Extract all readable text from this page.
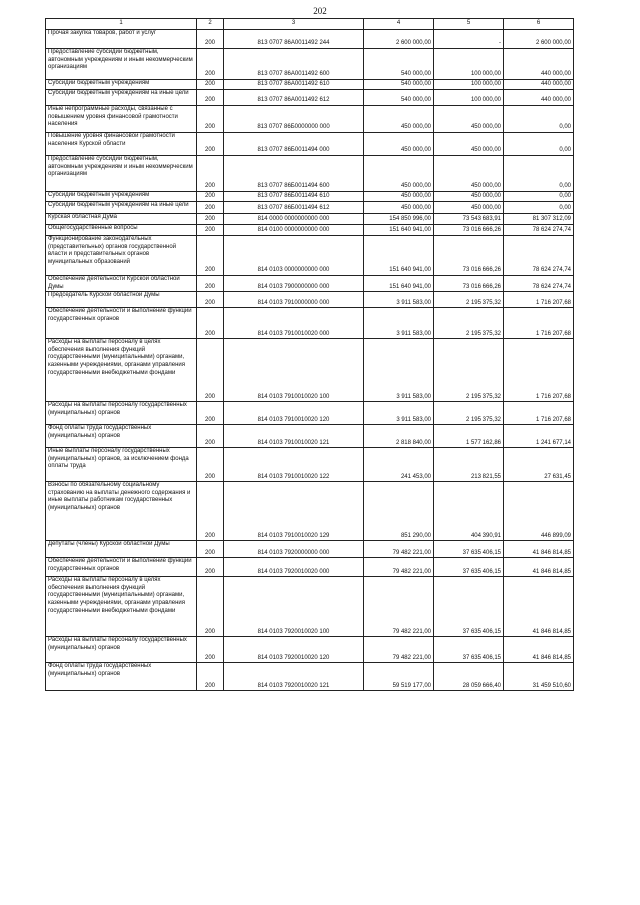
202
1	2	3	4	5	6
Прочая закупка товаров, работ и услуг	200	813 0707 86А0011492 244	2 600 000,00	-	2 600 000,00
Предоставление субсидий бюджетным, автономным учреждениям и иным некоммерческим организациям	200	813 0707 86А0011492 600	540 000,00	100 000,00	440 000,00
Субсидии бюджетным учреждениям	200	813 0707 86А0011492 610	540 000,00	100 000,00	440 000,00
Субсидии бюджетным учреждениям на иные цели	200	813 0707 86А0011492 612	540 000,00	100 000,00	440 000,00
Иные непрограммные расходы, связанные с повышением уровня финансовой грамотности населения	200	813 0707 86Б0000000 000	450 000,00	450 000,00	0,00
Повышение уровня финансовой грамотности населения Курской области	200	813 0707 86Б0011494 000	450 000,00	450 000,00	0,00
Предоставление субсидий бюджетным, автономным учреждениям и иным некоммерческим организациям	200	813 0707 86Б0011494 600	450 000,00	450 000,00	0,00
Субсидии бюджетным учреждениям	200	813 0707 86Б0011494 610	450 000,00	450 000,00	0,00
Субсидии бюджетным учреждениям на иные цели	200	813 0707 86Б0011494 612	450 000,00	450 000,00	0,00
Курская областная Дума	200	814 0000 0000000000 000	154 850 996,00	73 543 683,91	81 307 312,09
Общегосударственные вопросы	200	814 0100 0000000000 000	151 640 941,00	73 016 666,26	78 624 274,74
Функционирование законодательных (представительных) органов государственной власти и представительных органов муниципальных образований	200	814 0103 0000000000 000	151 640 941,00	73 016 666,26	78 624 274,74
Обеспечение деятельности Курской областной Думы	200	814 0103 7900000000 000	151 640 941,00	73 016 666,26	78 624 274,74
Председатель Курской областной Думы	200	814 0103 7910000000 000	3 911 583,00	2 195 375,32	1 716 207,68
Обеспечение деятельности и выполнение функций государственных органов	200	814 0103 7910010020 000	3 911 583,00	2 195 375,32	1 716 207,68
Расходы на выплаты персоналу в целях обеспечения выполнения функций государственными (муниципальными) органами, казенными учреждениями, органами управления государственными внебюджетными фондами	200	814 0103 7910010020 100	3 911 583,00	2 195 375,32	1 716 207,68
Расходы на выплаты персоналу государственных (муниципальных) органов	200	814 0103 7910010020 120	3 911 583,00	2 195 375,32	1 716 207,68
Фонд оплаты труда государственных (муниципальных) органов	200	814 0103 7910010020 121	2 818 840,00	1 577 162,86	1 241 677,14
Иные выплаты персоналу государственных (муниципальных) органов, за исключением фонда оплаты труда	200	814 0103 7910010020 122	241 453,00	213 821,55	27 631,45
Взносы по обязательному социальному страхованию на выплаты денежного содержания и иные выплаты работникам государственных (муниципальных) органов	200	814 0103 7910010020 129	851 290,00	404 390,91	446 899,09
Депутаты (члены) Курской областной Думы	200	814 0103 7920000000 000	79 482 221,00	37 635 406,15	41 846 814,85
Обеспечение деятельности и выполнение функций государственных органов	200	814 0103 7920010020 000	79 482 221,00	37 635 406,15	41 846 814,85
Расходы на выплаты персоналу в целях обеспечения выполнения функций государственными (муниципальными) органами, казенными учреждениями, органами управления государственными внебюджетными фондами	200	814 0103 7920010020 100	79 482 221,00	37 635 406,15	41 846 814,85
Расходы на выплаты персоналу государственных (муниципальных) органов	200	814 0103 7920010020 120	79 482 221,00	37 635 406,15	41 846 814,85
Фонд оплаты труда государственных (муниципальных) органов	200	814 0103 7920010020 121	59 519 177,00	28 059 666,40	31 459 510,60
